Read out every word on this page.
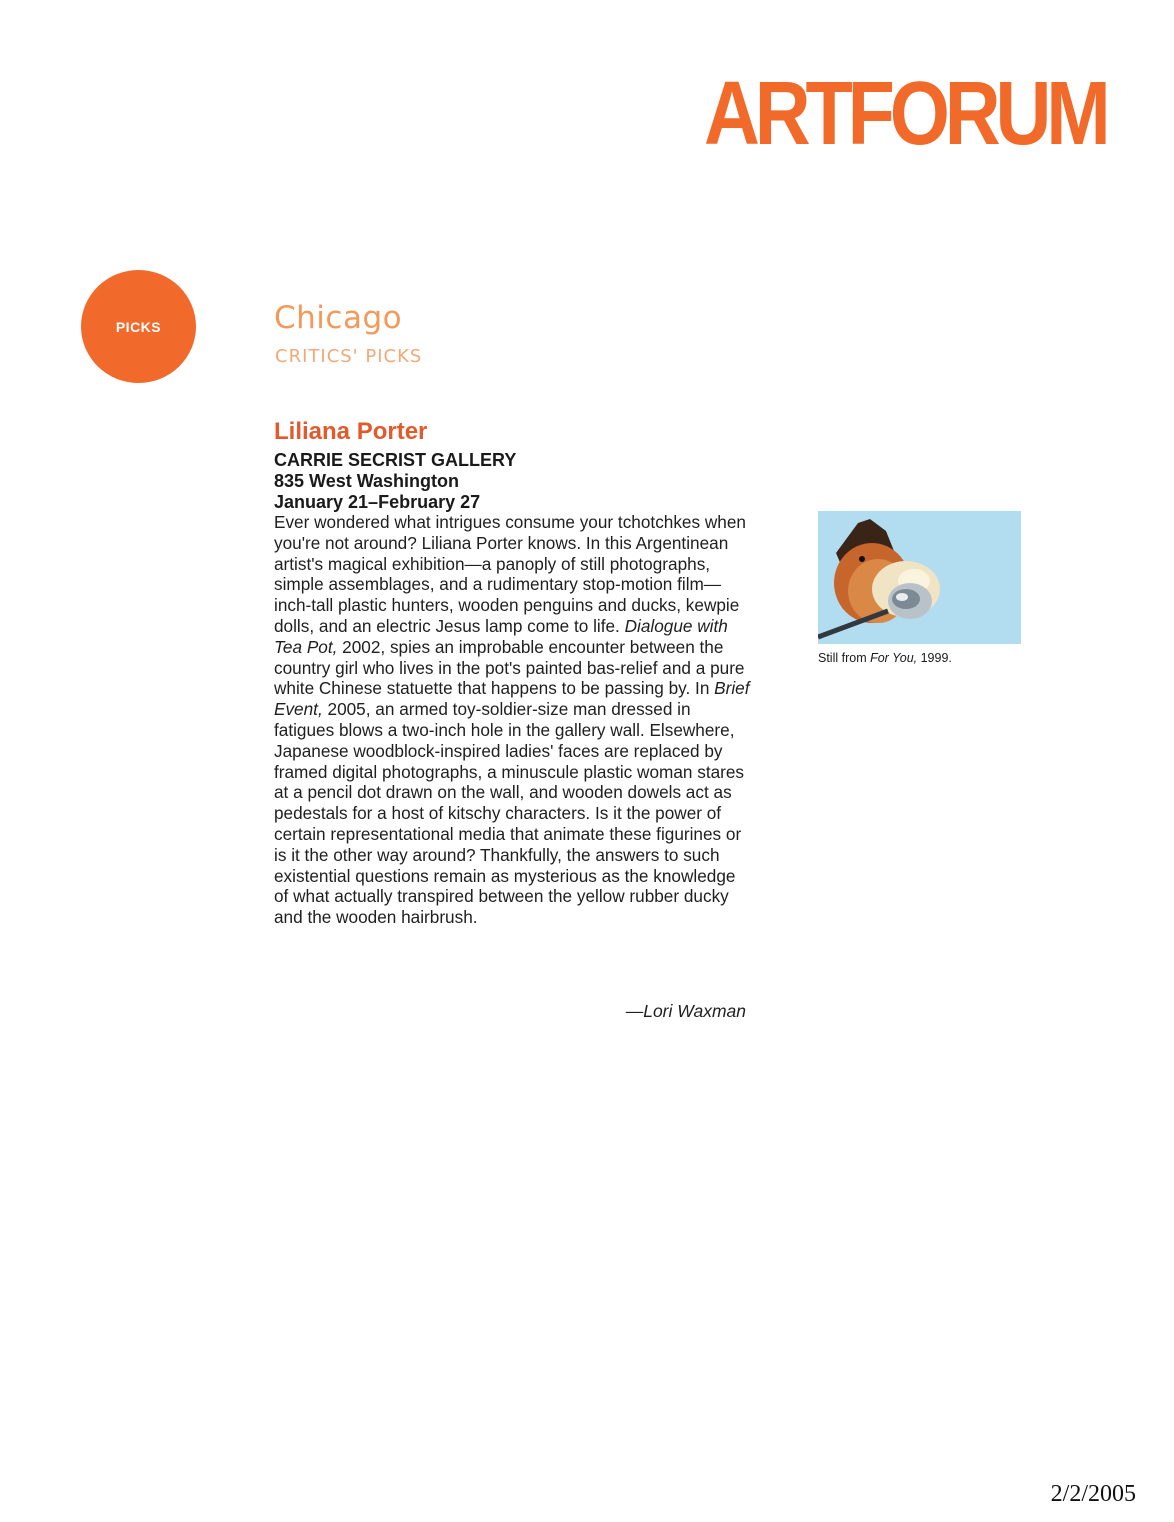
ARTFORUM
PICKS	Chicago
CRITICS' PICKS
Liliana Porter
CARRIE SECRIST GALLERY
835 West Washington
January 21–February 27

Ever wondered what intrigues consume your tchotchkes when you're not around? Liliana Porter knows. In this Argentinean artist's magical exhibition—a panoply of still photographs, simple assemblages, and a rudimentary stop-motion film—inch-tall plastic hunters, wooden penguins and ducks, kewpie dolls, and an electric Jesus lamp come to life. Dialogue with Tea Pot, 2002, spies an improbable encounter between the country girl who lives in the pot's painted bas-relief and a pure white Chinese statuette that happens to be passing by. In Brief Event, 2005, an armed toy-soldier-size man dressed in fatigues blows a two-inch hole in the gallery wall. Elsewhere, Japanese woodblock-inspired ladies' faces are replaced by framed digital photographs, a minuscule plastic woman stares at a pencil dot drawn on the wall, and wooden dowels act as pedestals for a host of kitschy characters. Is it the power of certain representational media that animate these figurines or is it the other way around? Thankfully, the answers to such existential questions remain as mysterious as the knowledge of what actually transpired between the yellow rubber ducky and the wooden hairbrush.

—Lori Waxman
Still from For You, 1999.
2/2/2005
